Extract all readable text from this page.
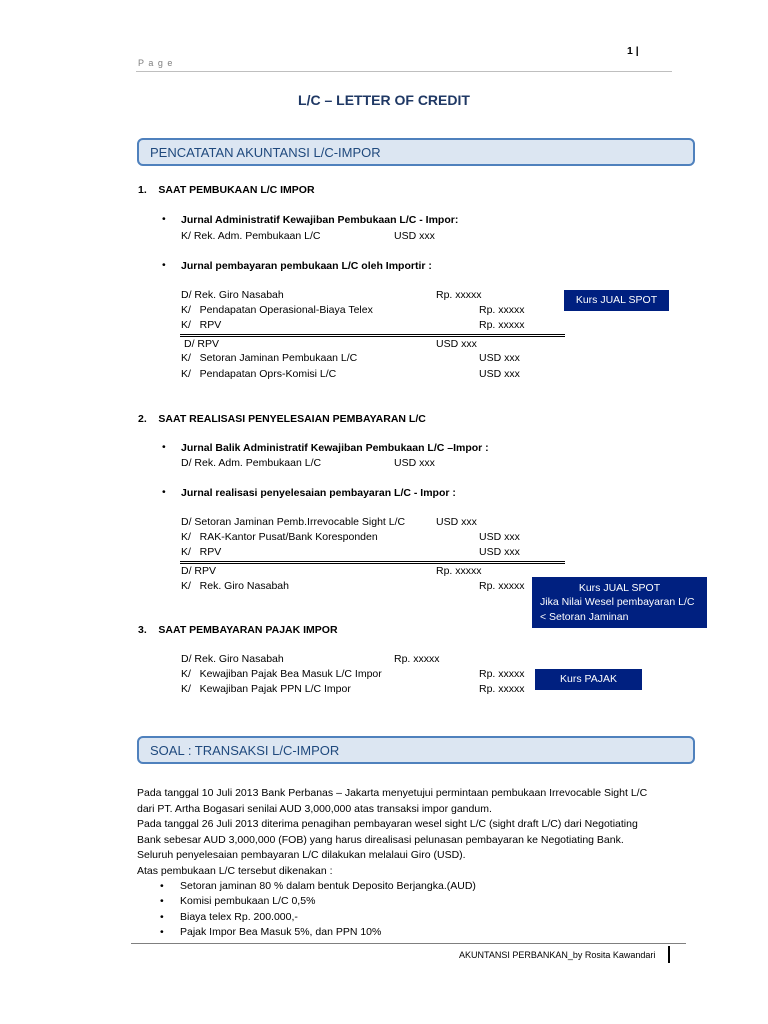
1 |
P a g e
L/C – LETTER OF CREDIT
PENCATATAN AKUNTANSI L/C-IMPOR
1.    SAAT PEMBUKAAN L/C IMPOR
• Jurnal Administratif Kewajiban Pembukaan L/C - Impor:
K/ Rek. Adm. Pembukaan L/C	USD xxx
• Jurnal pembayaran pembukaan L/C oleh Importir :
D/ Rek. Giro Nasabah	Rp. xxxxx
K/   Pendapatan Operasional-Biaya Telex	Rp. xxxxx
K/   RPV	Rp. xxxxx
D/ RPV	USD xxx
K/   Setoran Jaminan Pembukaan L/C	USD xxx
K/   Pendapatan Oprs-Komisi L/C	USD xxx
Kurs JUAL SPOT
2.    SAAT REALISASI PENYELESAIAN PEMBAYARAN L/C
• Jurnal Balik Administratif Kewajiban Pembukaan L/C –Impor :
D/ Rek. Adm. Pembukaan L/C	USD xxx
• Jurnal realisasi penyelesaian pembayaran L/C - Impor :
D/ Setoran Jaminan Pemb.Irrevocable Sight L/C	USD xxx
K/   RAK-Kantor Pusat/Bank Koresponden	USD xxx
K/   RPV	USD xxx
D/ RPV	Rp. xxxxx
K/   Rek. Giro Nasabah	Rp. xxxxx	Kurs JUAL SPOT
Jika Nilai Wesel pembayaran L/C
< Setoran Jaminan
3.    SAAT PEMBAYARAN PAJAK IMPOR
D/ Rek. Giro Nasabah	Rp. xxxxx
K/   Kewajiban Pajak Bea Masuk L/C Impor	Rp. xxxxx
K/   Kewajiban Pajak PPN L/C Impor	Rp. xxxxx
Kurs PAJAK
SOAL : TRANSAKSI L/C-IMPOR
Pada tanggal 10 Juli 2013 Bank Perbanas – Jakarta menyetujui permintaan pembukaan Irrevocable Sight L/C
dari PT. Artha Bogasari senilai AUD 3,000,000 atas transaksi impor gandum.
Pada tanggal 26 Juli 2013 diterima penagihan pembayaran wesel sight L/C (sight draft L/C) dari Negotiating
Bank sebesar AUD 3,000,000 (FOB) yang harus direalisasi pelunasan pembayaran ke Negotiating Bank.
Seluruh penyelesaian pembayaran L/C dilakukan melalaui Giro (USD).
Atas pembukaan L/C tersebut dikenakan :
• Setoran jaminan 80 % dalam bentuk Deposito Berjangka.(AUD)
• Komisi pembukaan L/C 0,5%
• Biaya telex Rp. 200.000,-
• Pajak Impor Bea Masuk 5%, dan PPN 10%
AKUNTANSI PERBANKAN_by Rosita Kawandari
